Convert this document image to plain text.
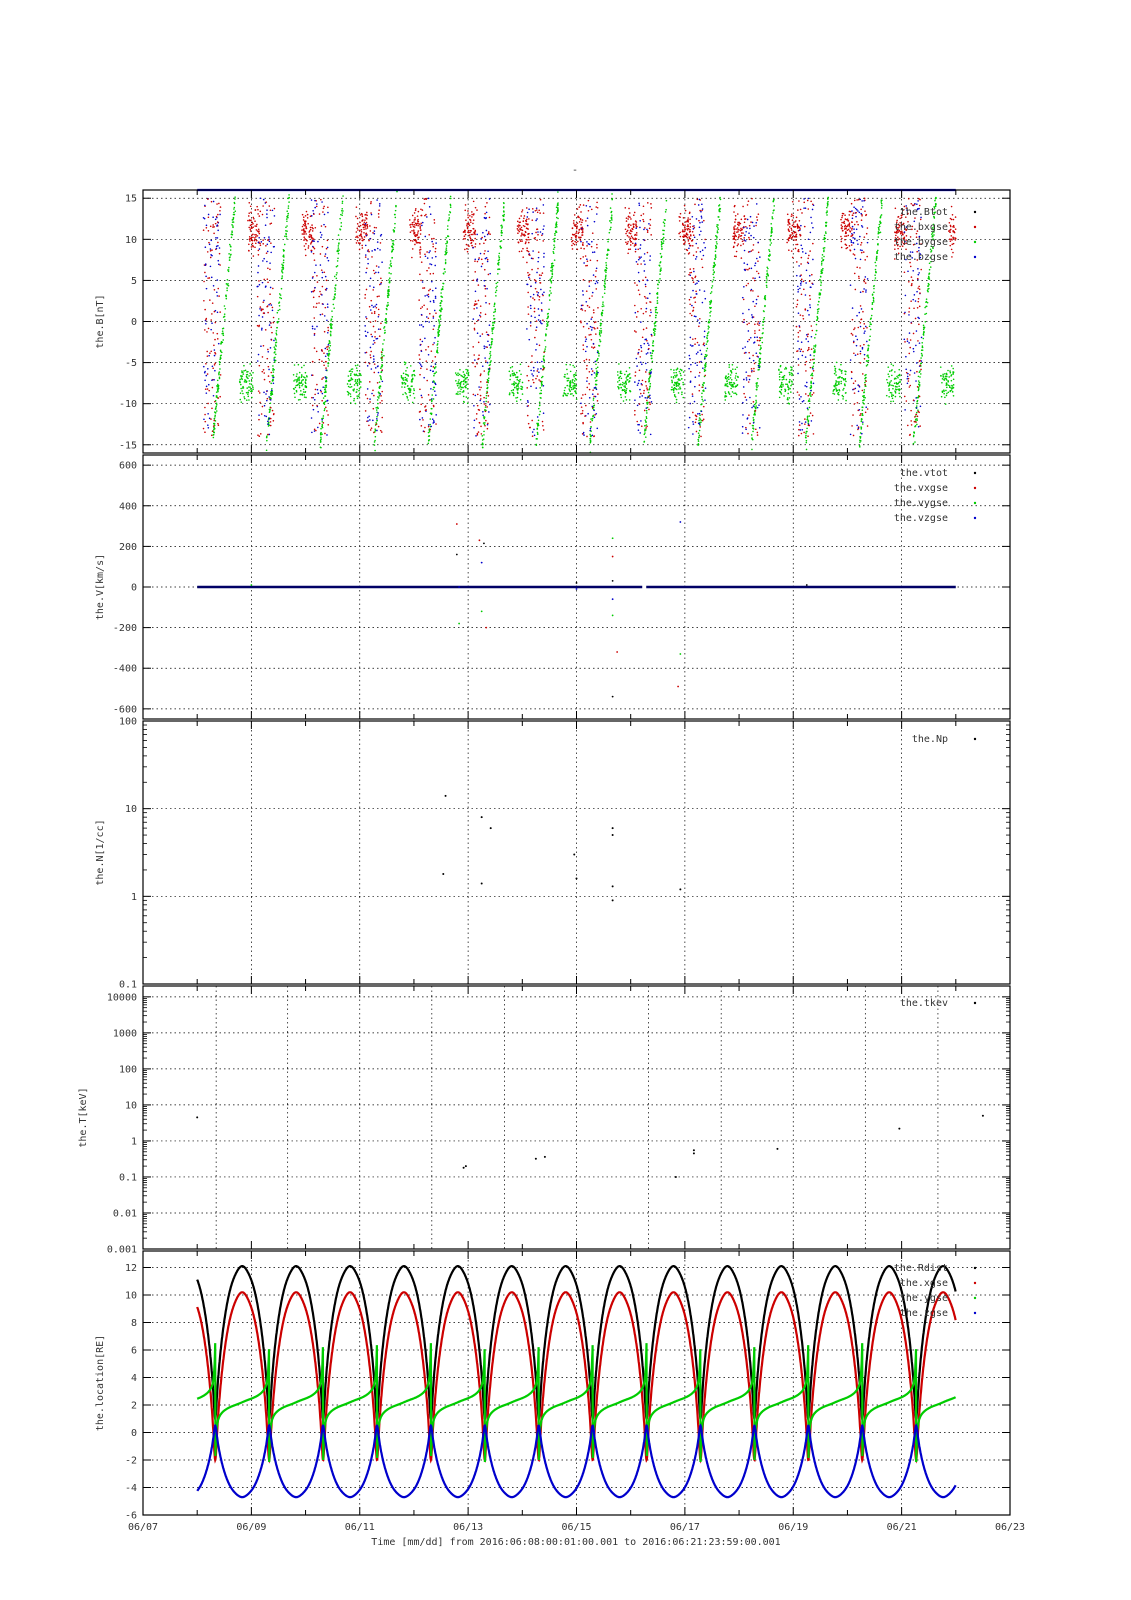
-
15
10
5
0
-5
-10
-15
the.B[nT]
the.Btot
the.bxgse
the.bygse
the.bzgse
600
400
200
0
-200
-400
-600
the.V[km/s]
the.vtot
the.vxgse
the.vygse
the.vzgse
100
10
1
0.1
the.N[1/cc]
the.Np
10000
1000
100
10
1
0.1
0.01
0.001
the.T[keV]
the.tkev
12
10
8
6
4
2
0
-2
-4
-6
the.location[RE]
the.Rdist
the.xgse
the.ygse
the.zgse
06/07	06/09	06/11	06/13	06/15	06/17	06/19	06/21	06/23
Time [mm/dd] from 2016:06:08:00:01:00.001 to 2016:06:21:23:59:00.001
